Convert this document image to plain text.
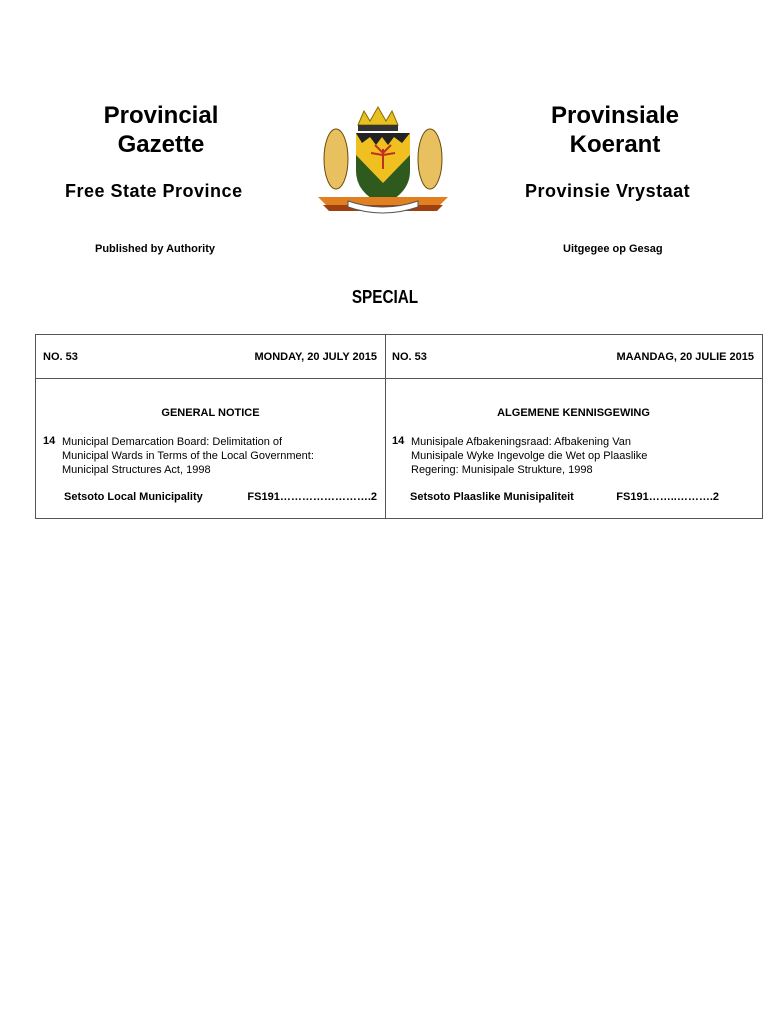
Provincial
Gazette
Provinsiale
Koerant
Free State Province	Provinsie Vrystaat
Published by Authority	Uitgegee op Gesag
SPECIAL
NO. 53	MONDAY, 20 JULY 2015 NO. 53	MAANDAG, 20 JULIE 2015
GENERAL NOTICE	ALGEMENE KENNISGEWING
14 Municipal Demarcation Board: Delimitation of
Municipal Wards in Terms of the Local Government:
Municipal Structures Act, 1998
14 Munisipale Afbakeningsraad: Afbakening Van
Munisipale Wyke Ingevolge die Wet op Plaaslike
Regering: Munisipale Strukture, 1998
Setsoto Local Municipality	FS191…………………….2	Setsoto Plaaslike Munisipaliteit	FS191……..……….2
